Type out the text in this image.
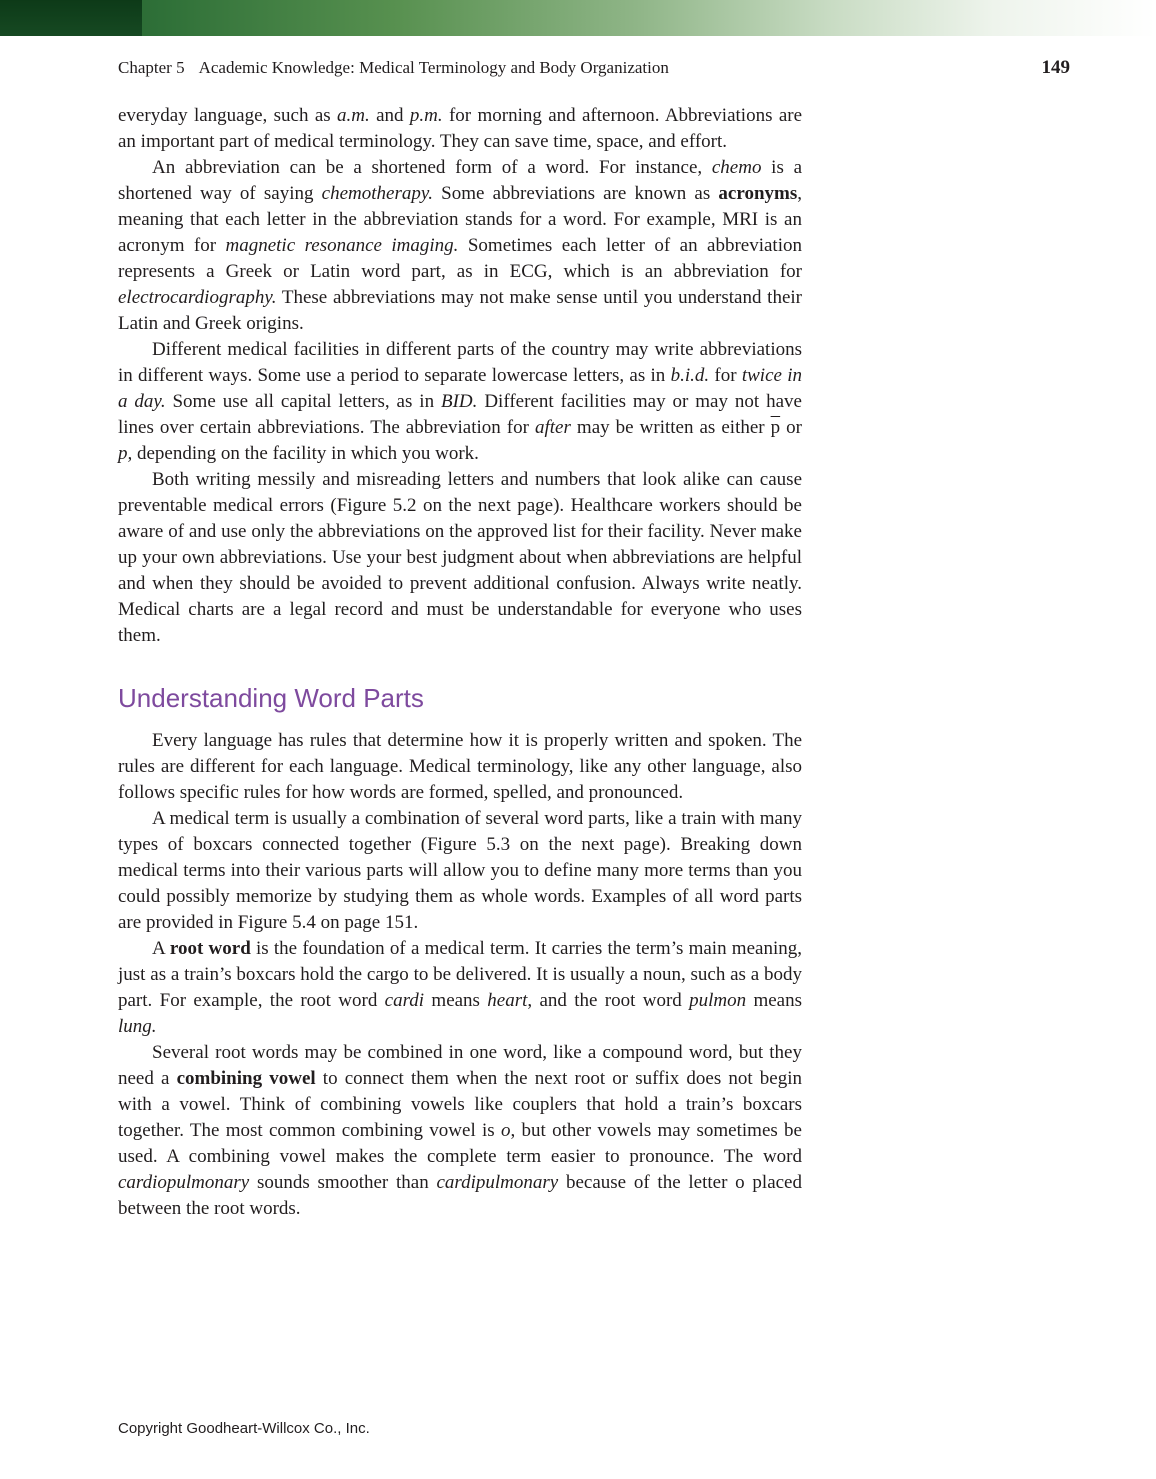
Chapter 5 Academic Knowledge: Medical Terminology and Body Organization	149

everyday language, such as a.m. and p.m. for morning and afternoon. Abbreviations are an important part of medical terminology. They can save time, space, and effort.

An abbreviation can be a shortened form of a word. For instance, chemo is a shortened way of saying chemotherapy. Some abbreviations are known as acronyms, meaning that each letter in the abbreviation stands for a word. For example, MRI is an acronym for magnetic resonance imaging. Sometimes each letter of an abbreviation represents a Greek or Latin word part, as in ECG, which is an abbreviation for electrocardiography. These abbreviations may not make sense until you understand their Latin and Greek origins.

Different medical facilities in different parts of the country may write abbreviations in different ways. Some use a period to separate lowercase letters, as in b.i.d. for twice in a day. Some use all capital letters, as in BID. Different facilities may or may not have lines over certain abbreviations. The abbreviation for after may be written as either $\overline{p}$ or p, depending on the facility in which you work.

Both writing messily and misreading letters and numbers that look alike can cause preventable medical errors (Figure 5.2 on the next page). Healthcare workers should be aware of and use only the abbreviations on the approved list for their facility. Never make up your own abbreviations. Use your best judgment about when abbreviations are helpful and when they should be avoided to prevent additional confusion. Always write neatly. Medical charts are a legal record and must be understandable for everyone who uses them.

Understanding Word Parts

Every language has rules that determine how it is properly written and spoken. The rules are different for each language. Medical terminology, like any other language, also follows specific rules for how words are formed, spelled, and pronounced.

A medical term is usually a combination of several word parts, like a train with many types of boxcars connected together (Figure 5.3 on the next page). Breaking down medical terms into their various parts will allow you to define many more terms than you could possibly memorize by studying them as whole words. Examples of all word parts are provided in Figure 5.4 on page 151.

A root word is the foundation of a medical term. It carries the term’s main meaning, just as a train’s boxcars hold the cargo to be delivered. It is usually a noun, such as a body part. For example, the root word cardi means heart, and the root word pulmon means lung.

Several root words may be combined in one word, like a compound word, but they need a combining vowel to connect them when the next root or suffix does not begin with a vowel. Think of combining vowels like couplers that hold a train’s boxcars together. The most common combining vowel is o, but other vowels may sometimes be used. A combining vowel makes the complete term easier to pronounce. The word cardiopulmonary sounds smoother than cardipulmonary because of the letter o placed between the root words.

Copyright Goodheart-Willcox Co., Inc.
